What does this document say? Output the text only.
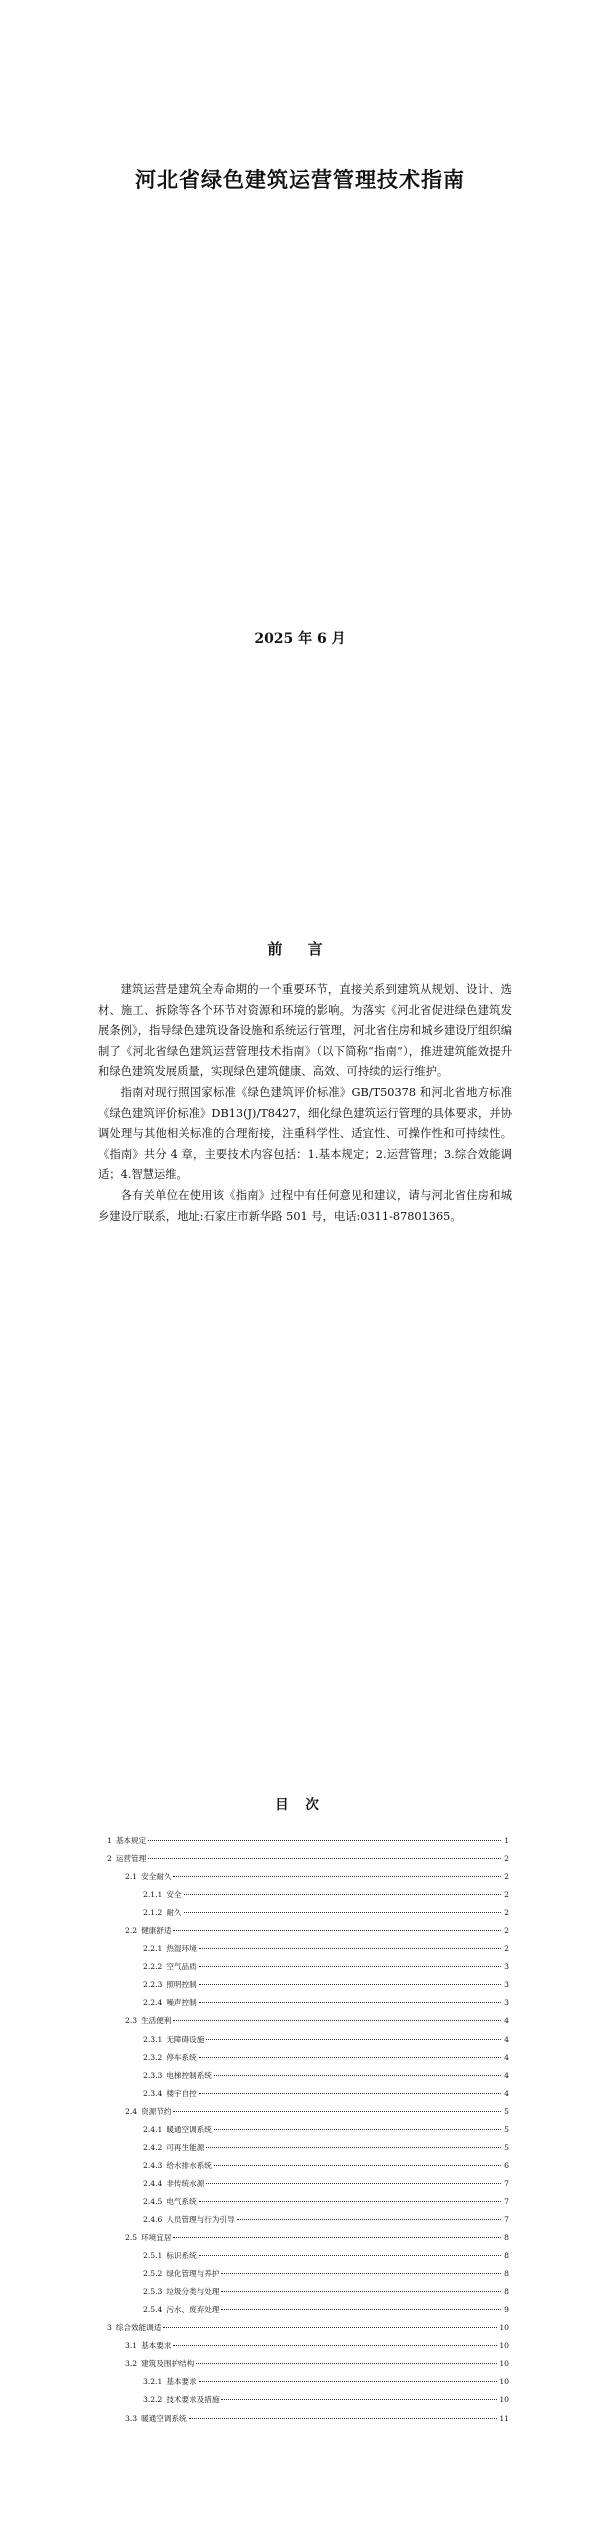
河北省绿色建筑运营管理技术指南
2025 年 6 月
前 言

建筑运营是建筑全寿命期的一个重要环节，直接关系到建筑从规划、设计、选材、施工、拆除等各个环节对资源和环境的影响。为落实《河北省促进绿色建筑发展条例》，指导绿色建筑设备设施和系统运行管理，河北省住房和城乡建设厅组织编制了《河北省绿色建筑运营管理技术指南》（以下简称“指南”），推进建筑能效提升和绿色建筑发展质量，实现绿色建筑健康、高效、可持续的运行维护。

指南对现行照国家标准《绿色建筑评价标准》GB/T50378 和河北省地方标准《绿色建筑评价标准》DB13(J)/T8427，细化绿色建筑运行管理的具体要求，并协调处理与其他相关标准的合理衔接，注重科学性、适宜性、可操作性和可持续性。《指南》共分 4 章，主要技术内容包括：1.基本规定；2.运营管理；3.综合效能调适；4.智慧运维。

各有关单位在使用该《指南》过程中有任何意见和建议，请与河北省住房和城乡建设厅联系，地址:石家庄市新华路 501 号，电话:0311-87801365。

目 次
1 基本规定	1
2 运营管理	2
2.1 安全耐久	2
2.1.1 安全	2
2.1.2 耐久	2
2.2 健康舒适	2
2.2.1 热湿环境	2
2.2.2 空气品质	3
2.2.3 照明控制	3
2.2.4 噪声控制	3
2.3 生活便利	4
2.3.1 无障碍设施	4
2.3.2 停车系统	4
2.3.3 电梯控制系统	4
2.3.4 楼宇自控	4
2.4 资源节约	5
2.4.1 暖通空调系统	5
2.4.2 可再生能源	5
2.4.3 给水排水系统	6
2.4.4 非传统水源	7
2.4.5 电气系统	7
2.4.6 人员管理与行为引导	7
2.5 环境宜居	8
2.5.1 标识系统	8
2.5.2 绿化管理与养护	8
2.5.3 垃圾分类与处理	8
2.5.4 污水、废弃处理	9
3 综合效能调适	10
3.1 基本要求	10
3.2 建筑及围护结构	10
3.2.1 基本要求	10
3.2.2 技术要求及措施	10
3.3 暖通空调系统	11
